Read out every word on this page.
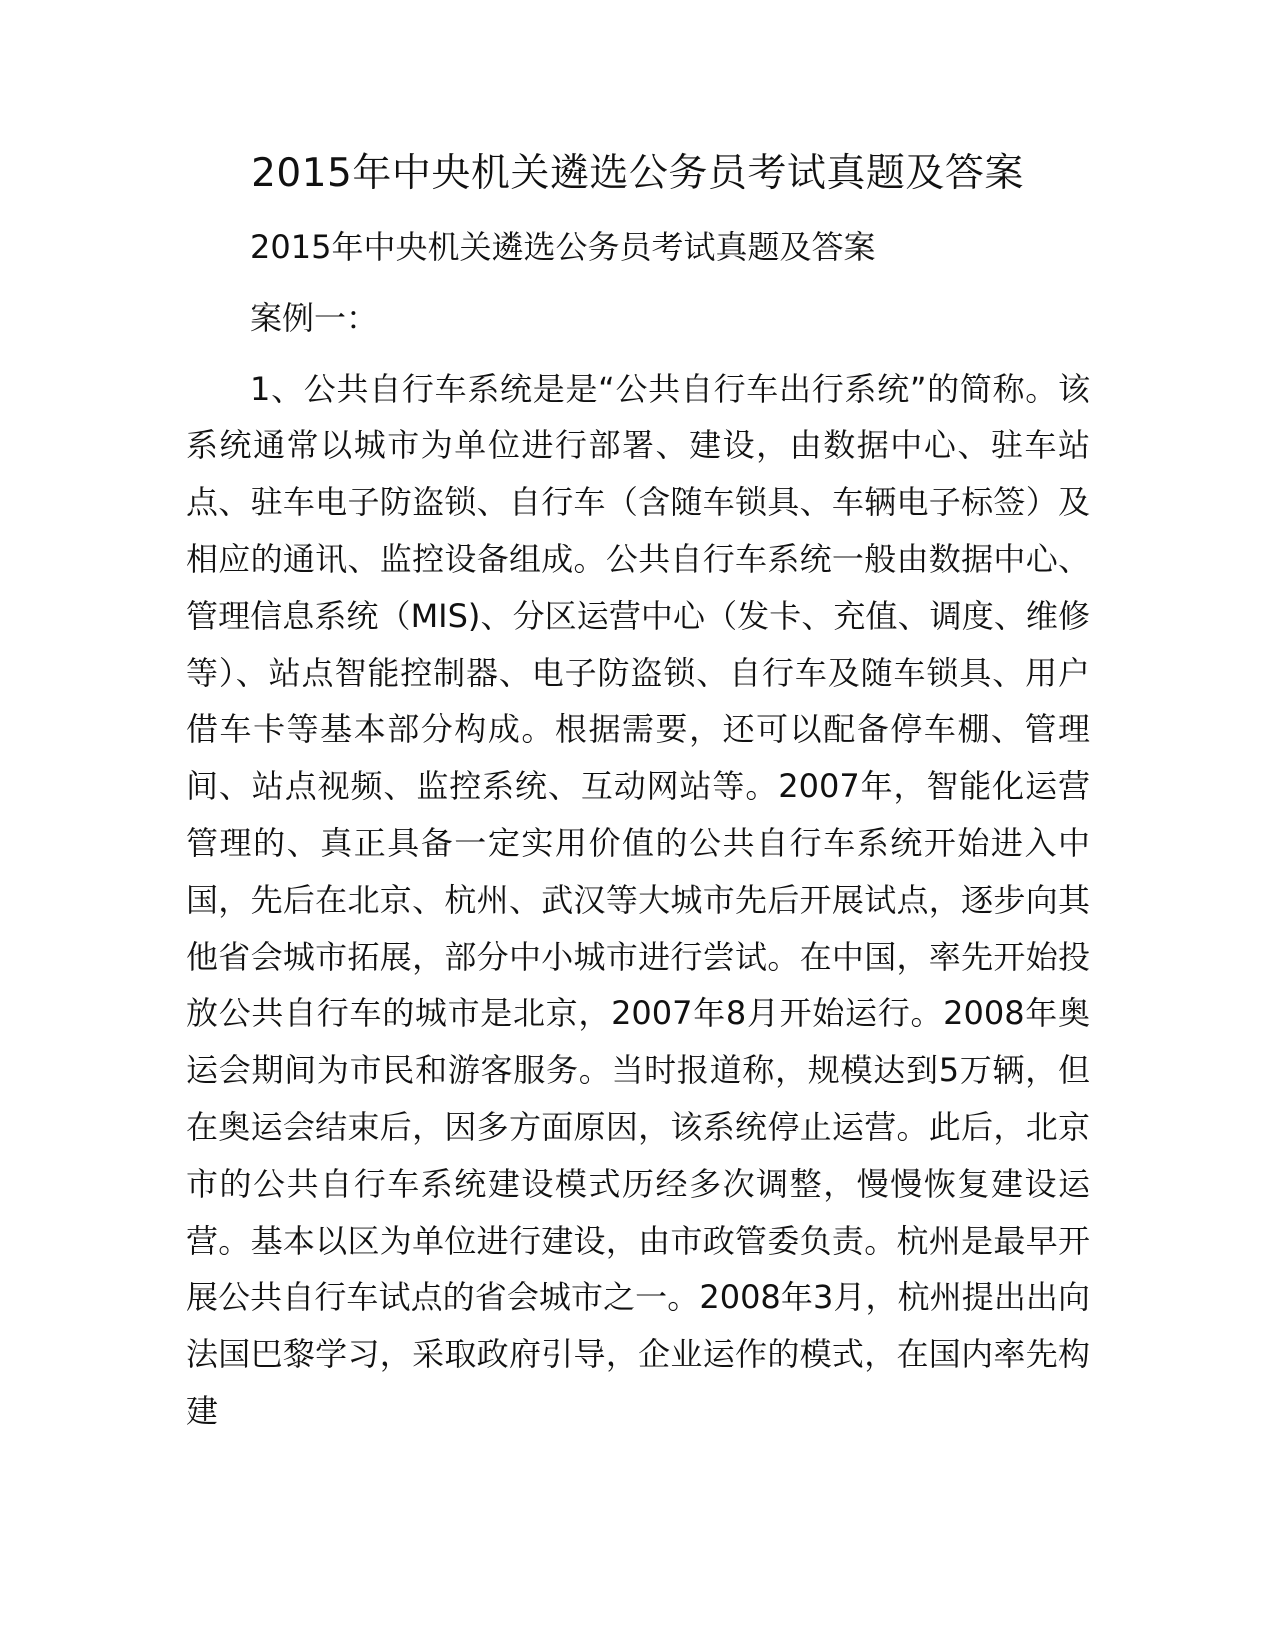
2015年中央机关遴选公务员考试真题及答案

2015年中央机关遴选公务员考试真题及答案

案例一：

1、公共自行车系统是是“公共自行车出行系统”的简称。该系统通常以城市为单位进行部署、建设，由数据中心、驻车站点、驻车电子防盗锁、自行车（含随车锁具、车辆电子标签）及相应的通讯、监控设备组成。公共自行车系统一般由数据中心、管理信息系统（MIS)、分区运营中心（发卡、充值、调度、维修等）、站点智能控制器、电子防盗锁、自行车及随车锁具、用户借车卡等基本部分构成。根据需要，还可以配备停车棚、管理间、站点视频、监控系统、互动网站等。2007年，智能化运营管理的、真正具备一定实用价值的公共自行车系统开始进入中国，先后在北京、杭州、武汉等大城市先后开展试点，逐步向其他省会城市拓展，部分中小城市进行尝试。在中国，率先开始投放公共自行车的城市是北京，2007年8月开始运行。2008年奥运会期间为市民和游客服务。当时报道称，规模达到5万辆，但在奥运会结束后，因多方面原因，该系统停止运营。此后，北京市的公共自行车系统建设模式历经多次调整，慢慢恢复建设运营。基本以区为单位进行建设，由市政管委负责。杭州是最早开展公共自行车试点的省会城市之一。2008年3月，杭州提出出向法国巴黎学习，采取政府引导，企业运作的模式，在国内率先构建
